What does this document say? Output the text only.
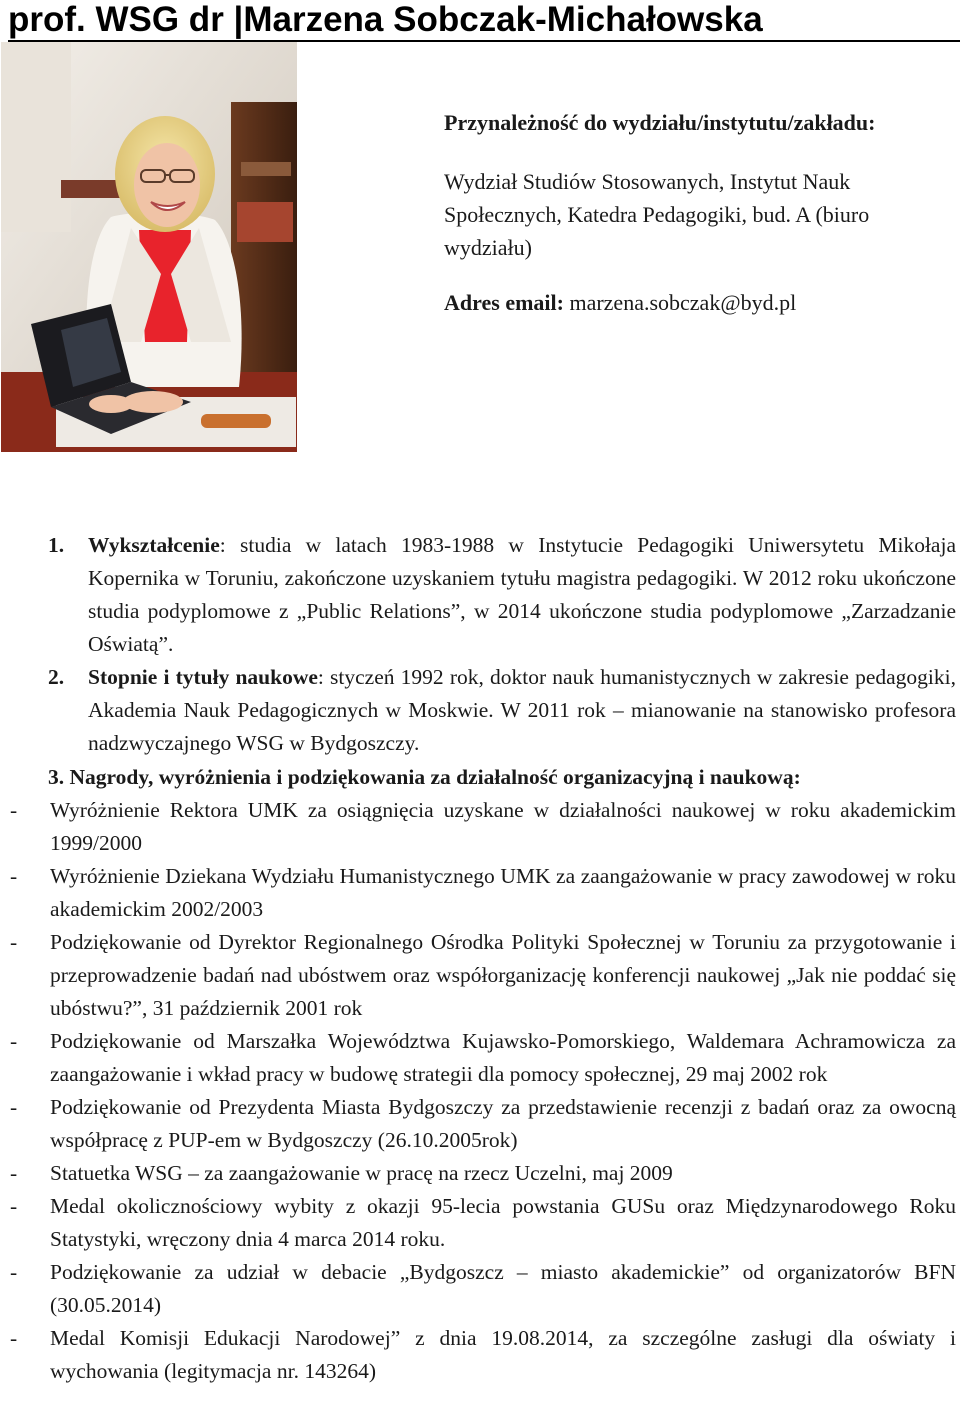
prof. WSG dr |Marzena Sobczak-Michałowska

Przynależność do wydziału/instytutu/zakładu:

Wydział Studiów Stosowanych, Instytut Nauk Społecznych, Katedra Pedagogiki, bud. A (biuro wydziału)

Adres email: marzena.sobczak@byd.pl

1. Wykształcenie: studia w latach 1983-1988 w Instytucie Pedagogiki Uniwersytetu Mikołaja Kopernika w Toruniu, zakończone uzyskaniem tytułu magistra pedagogiki. W 2012 roku ukończone studia podyplomowe z „Public Relations”, w 2014 ukończone studia podyplomowe „Zarzadzanie Oświatą”.
2. Stopnie i tytuły naukowe: styczeń 1992 rok, doktor nauk humanistycznych w zakresie pedagogiki, Akademia Nauk Pedagogicznych w Moskwie. W 2011 rok – mianowanie na stanowisko profesora nadzwyczajnego WSG w Bydgoszczy.
3. Nagrody, wyróżnienia i podziękowania za działalność organizacyjną i naukową:
- Wyróżnienie Rektora UMK za osiągnięcia uzyskane w działalności naukowej w roku akademickim 1999/2000
- Wyróżnienie Dziekana Wydziału Humanistycznego UMK za zaangażowanie w pracy zawodowej w roku akademickim 2002/2003
- Podziękowanie od Dyrektor Regionalnego Ośrodka Polityki Społecznej w Toruniu za przygotowanie i przeprowadzenie badań nad ubóstwem oraz współorganizację konferencji naukowej „Jak nie poddać się ubóstwu?”, 31 październik 2001 rok
- Podziękowanie od Marszałka Województwa Kujawsko-Pomorskiego, Waldemara Achramowicza za zaangażowanie i wkład pracy w budowę strategii dla pomocy społecznej, 29 maj 2002 rok
- Podziękowanie od Prezydenta Miasta Bydgoszczy za przedstawienie recenzji z badań oraz za owocną współpracę z PUP-em w Bydgoszczy (26.10.2005rok)
- Statuetka WSG – za zaangażowanie w pracę na rzecz Uczelni, maj 2009
- Medal okolicznościowy wybity z okazji 95-lecia powstania GUSu oraz Międzynarodowego Roku Statystyki, wręczony dnia 4 marca 2014 roku.
- Podziękowanie za udział w debacie „Bydgoszcz – miasto akademickie” od organizatorów BFN (30.05.2014)
- Medal Komisji Edukacji Narodowej” z dnia 19.08.2014, za szczególne zasługi dla oświaty i wychowania (legitymacja nr. 143264)
